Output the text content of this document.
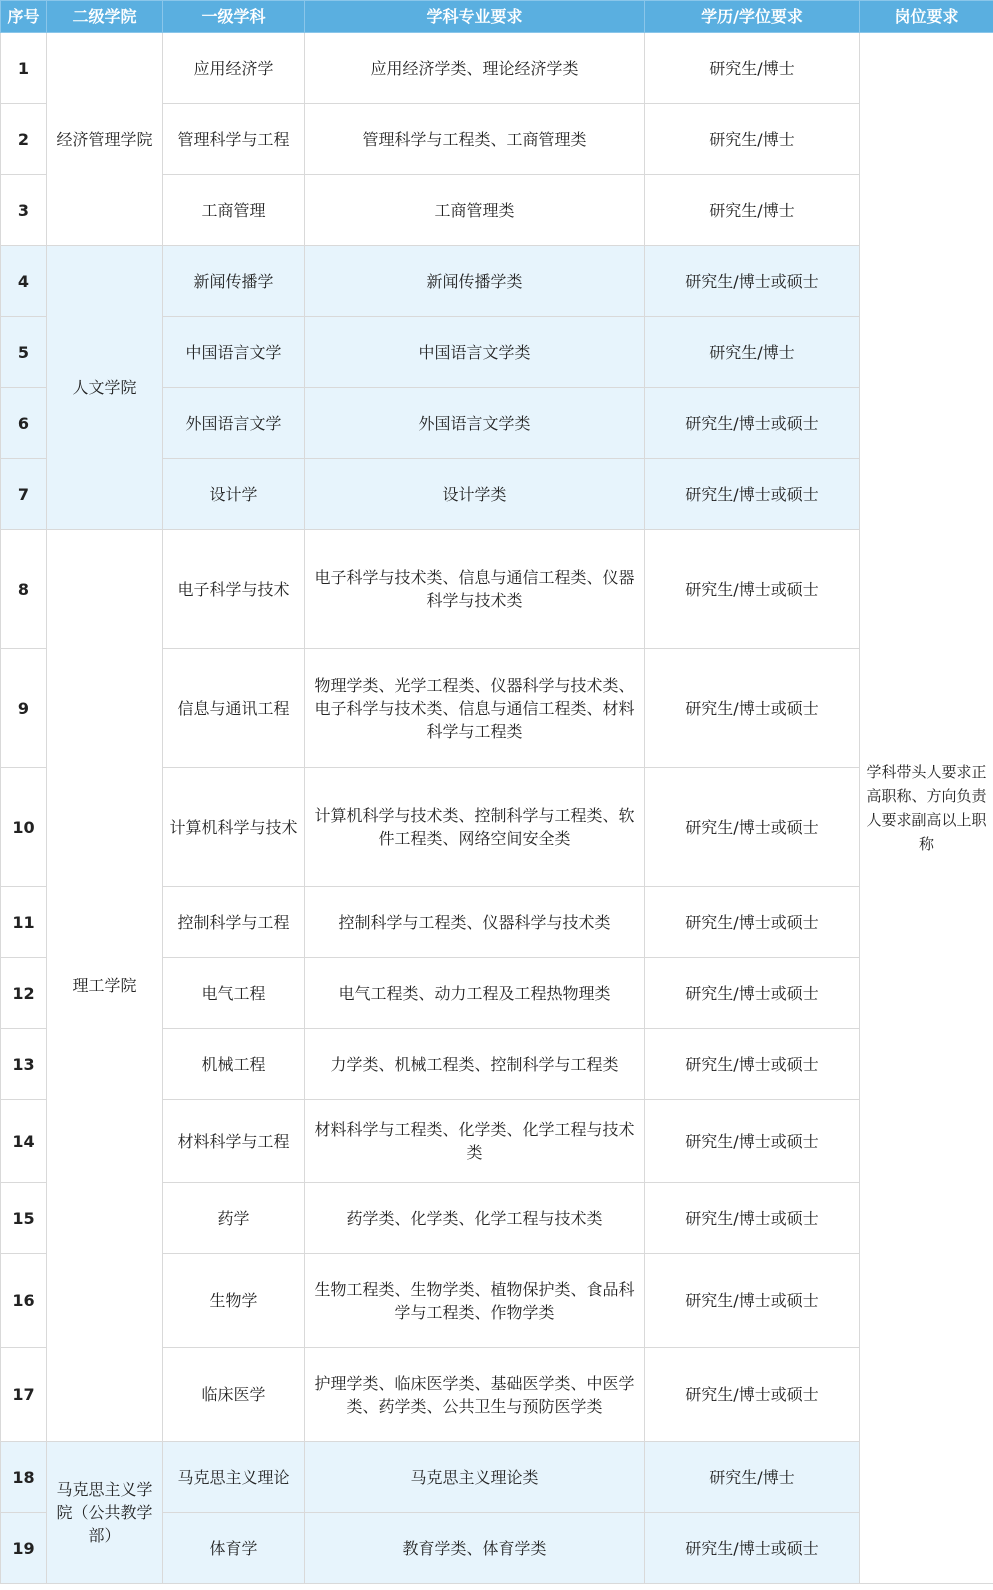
序号	二级学院	一级学科	学科专业要求	学历/学位要求	岗位要求
1	经济管理学院	应用经济学	应用经济学类、理论经济学类	研究生/博士	学科带头人要求正高职称、方向负责人要求副高以上职称
2		管理科学与工程	管理科学与工程类、工商管理类	研究生/博士	
3		工商管理	工商管理类	研究生/博士	
4	人文学院	新闻传播学	新闻传播学类	研究生/博士或硕士	
5		中国语言文学	中国语言文学类	研究生/博士	
6		外国语言文学	外国语言文学类	研究生/博士或硕士	
7		设计学	设计学类	研究生/博士或硕士	
8	理工学院	电子科学与技术	电子科学与技术类、信息与通信工程类、仪器科学与技术类	研究生/博士或硕士	
9		信息与通讯工程	物理学类、光学工程类、仪器科学与技术类、电子科学与技术类、信息与通信工程类、材料科学与工程类	研究生/博士或硕士	
10		计算机科学与技术	计算机科学与技术类、控制科学与工程类、软件工程类、网络空间安全类	研究生/博士或硕士	
11		控制科学与工程	控制科学与工程类、仪器科学与技术类	研究生/博士或硕士	
12		电气工程	电气工程类、动力工程及工程热物理类	研究生/博士或硕士	
13		机械工程	力学类、机械工程类、控制科学与工程类	研究生/博士或硕士	
14		材料科学与工程	材料科学与工程类、化学类、化学工程与技术类	研究生/博士或硕士	
15		药学	药学类、化学类、化学工程与技术类	研究生/博士或硕士	
16		生物学	生物工程类、生物学类、植物保护类、食品科学与工程类、作物学类	研究生/博士或硕士	
17		临床医学	护理学类、临床医学类、基础医学类、中医学类、药学类、公共卫生与预防医学类	研究生/博士或硕士	
18	马克思主义学院（公共教学部）	马克思主义理论	马克思主义理论类	研究生/博士	
19		体育学	教育学类、体育学类	研究生/博士或硕士	
